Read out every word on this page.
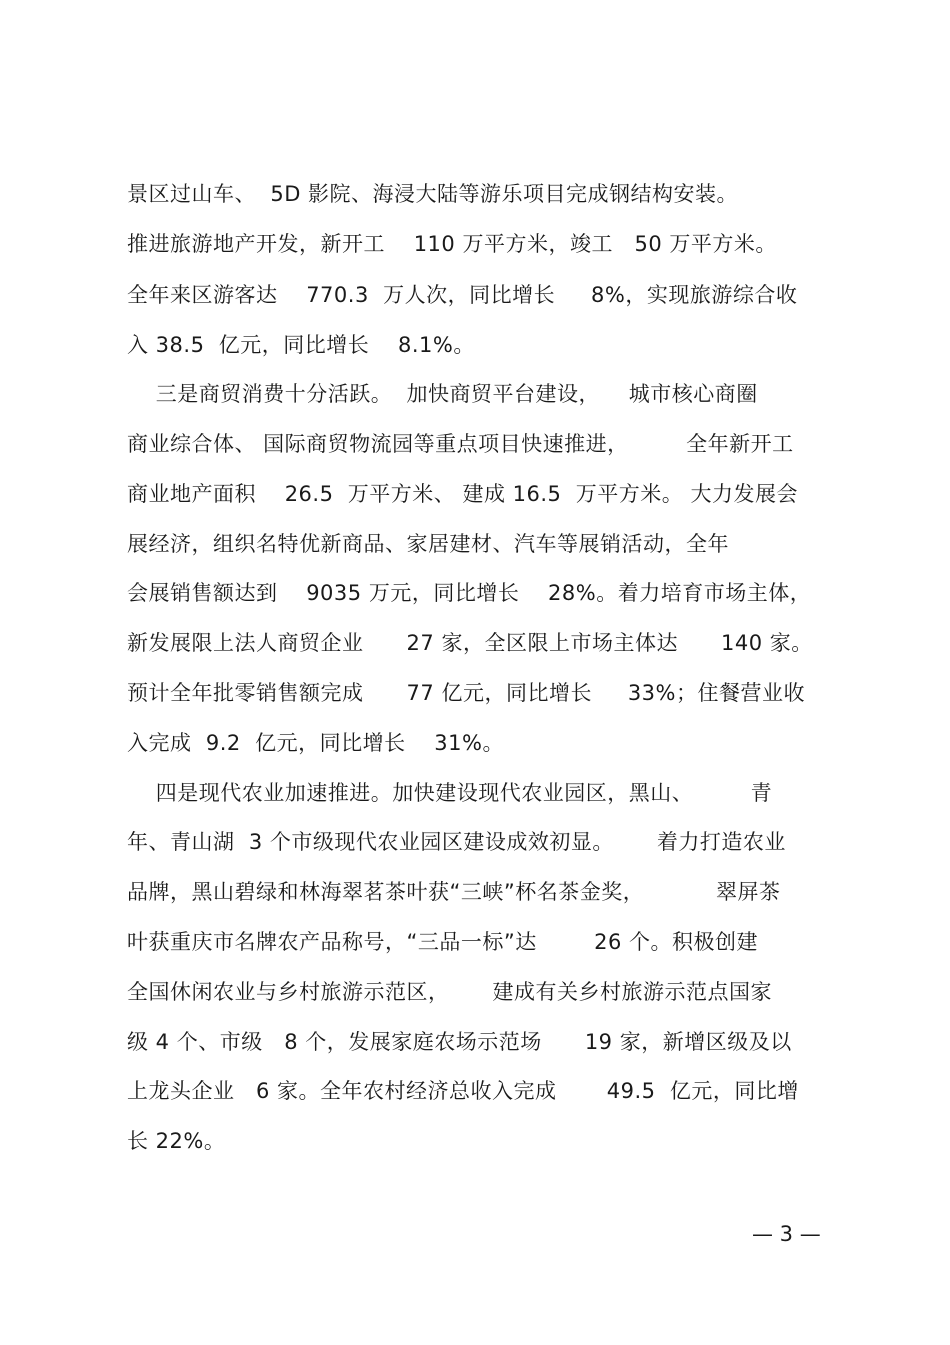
景区过山车、  5D 影院、海浸大陆等游乐项目完成钢结构安装。
推进旅游地产开发，新开工    110 万平方米，竣工   50 万平方米。
全年来区游客达    770.3  万人次，同比增长     8%，实现旅游综合收
入 38.5  亿元，同比增长    8.1%。
三是商贸消费十分活跃。  加快商贸平台建设，    城市核心商圈
商业综合体、 国际商贸物流园等重点项目快速推进，        全年新开工
商业地产面积    26.5  万平方米、 建成 16.5  万平方米。 大力发展会
展经济，组织名特优新商品、家居建材、汽车等展销活动，全年
会展销售额达到    9035 万元，同比增长    28%。着力培育市场主体，
新发展限上法人商贸企业      27 家，全区限上市场主体达      140 家。
预计全年批零销售额完成      77 亿元，同比增长     33%；住餐营业收
入完成  9.2  亿元，同比增长    31%。
四是现代农业加速推进。加快建设现代农业园区，黑山、        青
年、青山湖  3 个市级现代农业园区建设成效初显。      着力打造农业
品牌，黑山碧绿和林海翠茗茶叶获“三峡”杯名茶金奖，          翠屏茶
叶获重庆市名牌农产品称号，“三品一标”达        26 个。积极创建
全国休闲农业与乡村旅游示范区，      建成有关乡村旅游示范点国家
级 4 个、市级   8 个，发展家庭农场示范场      19 家，新增区级及以
上龙头企业   6 家。全年农村经济总收入完成       49.5  亿元，同比增
长 22%。
— 3 —
